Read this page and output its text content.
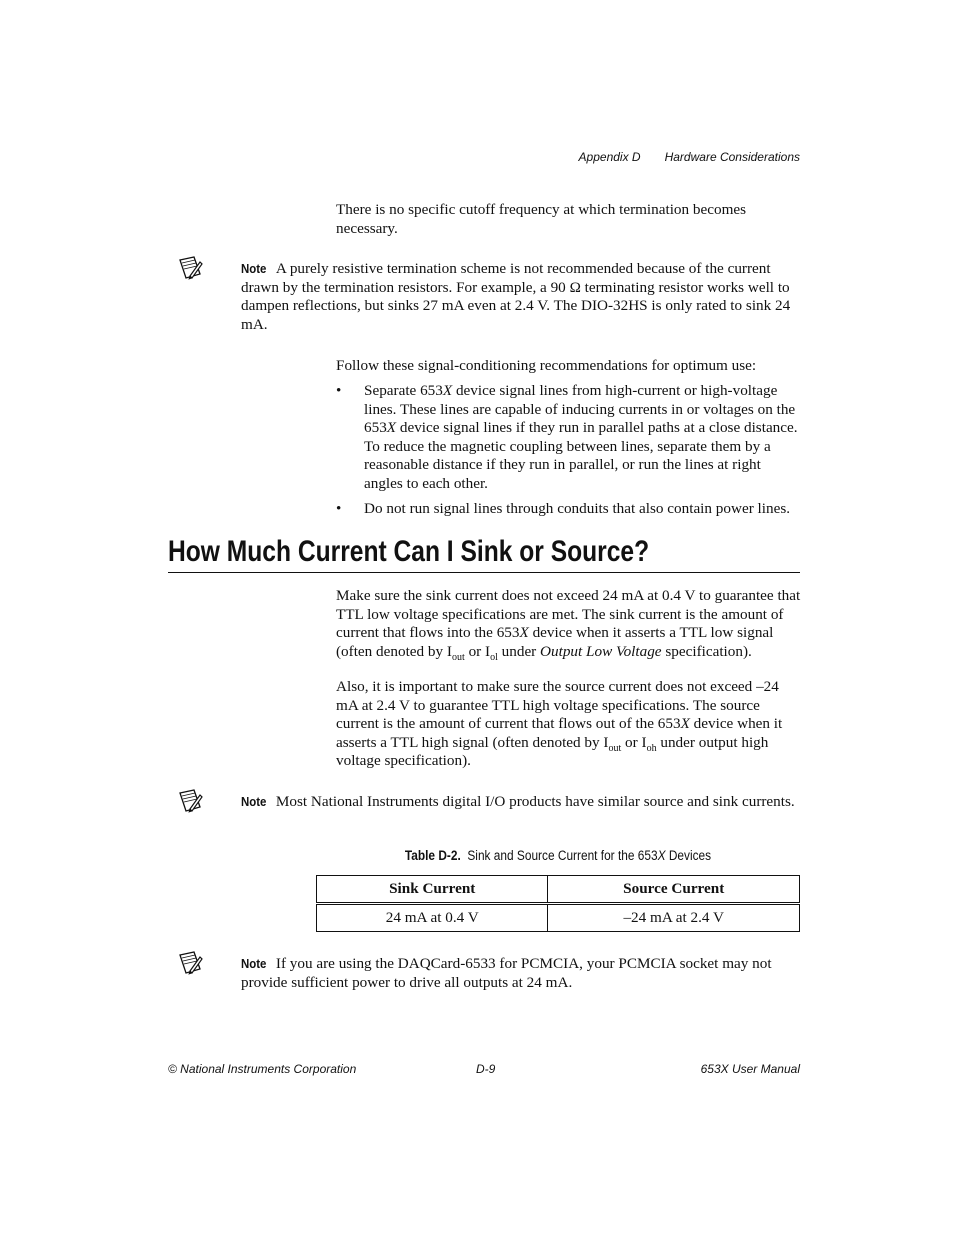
Appendix D Hardware Considerations
There is no specific cutoff frequency at which termination becomes necessary.
Note A purely resistive termination scheme is not recommended because of the current drawn by the termination resistors. For example, a 90 Ω terminating resistor works well to dampen reflections, but sinks 27 mA even at 2.4 V. The DIO-32HS is only rated to sink 24 mA.
Follow these signal-conditioning recommendations for optimum use:
• Separate 653X device signal lines from high-current or high-voltage lines. These lines are capable of inducing currents in or voltages on the 653X device signal lines if they run in parallel paths at a close distance. To reduce the magnetic coupling between lines, separate them by a reasonable distance if they run in parallel, or run the lines at right angles to each other.
• Do not run signal lines through conduits that also contain power lines.
How Much Current Can I Sink or Source?
Make sure the sink current does not exceed 24 mA at 0.4 V to guarantee that TTL low voltage specifications are met. The sink current is the amount of current that flows into the 653X device when it asserts a TTL low signal (often denoted by $I_{out}$ or $I_{ol}$ under Output Low Voltage specification).
Also, it is important to make sure the source current does not exceed –24 mA at 2.4 V to guarantee TTL high voltage specifications. The source current is the amount of current that flows out of the 653X device when it asserts a TTL high signal (often denoted by $I_{out}$ or $I_{oh}$ under output high voltage specification).
Note Most National Instruments digital I/O products have similar source and sink currents.
Table D-2. Sink and Source Current for the 653X Devices
Sink Current	Source Current
24 mA at 0.4 V	–24 mA at 2.4 V
Note If you are using the DAQCard-6533 for PCMCIA, your PCMCIA socket may not provide sufficient power to drive all outputs at 24 mA.
© National Instruments Corporation	D-9	653X User Manual
